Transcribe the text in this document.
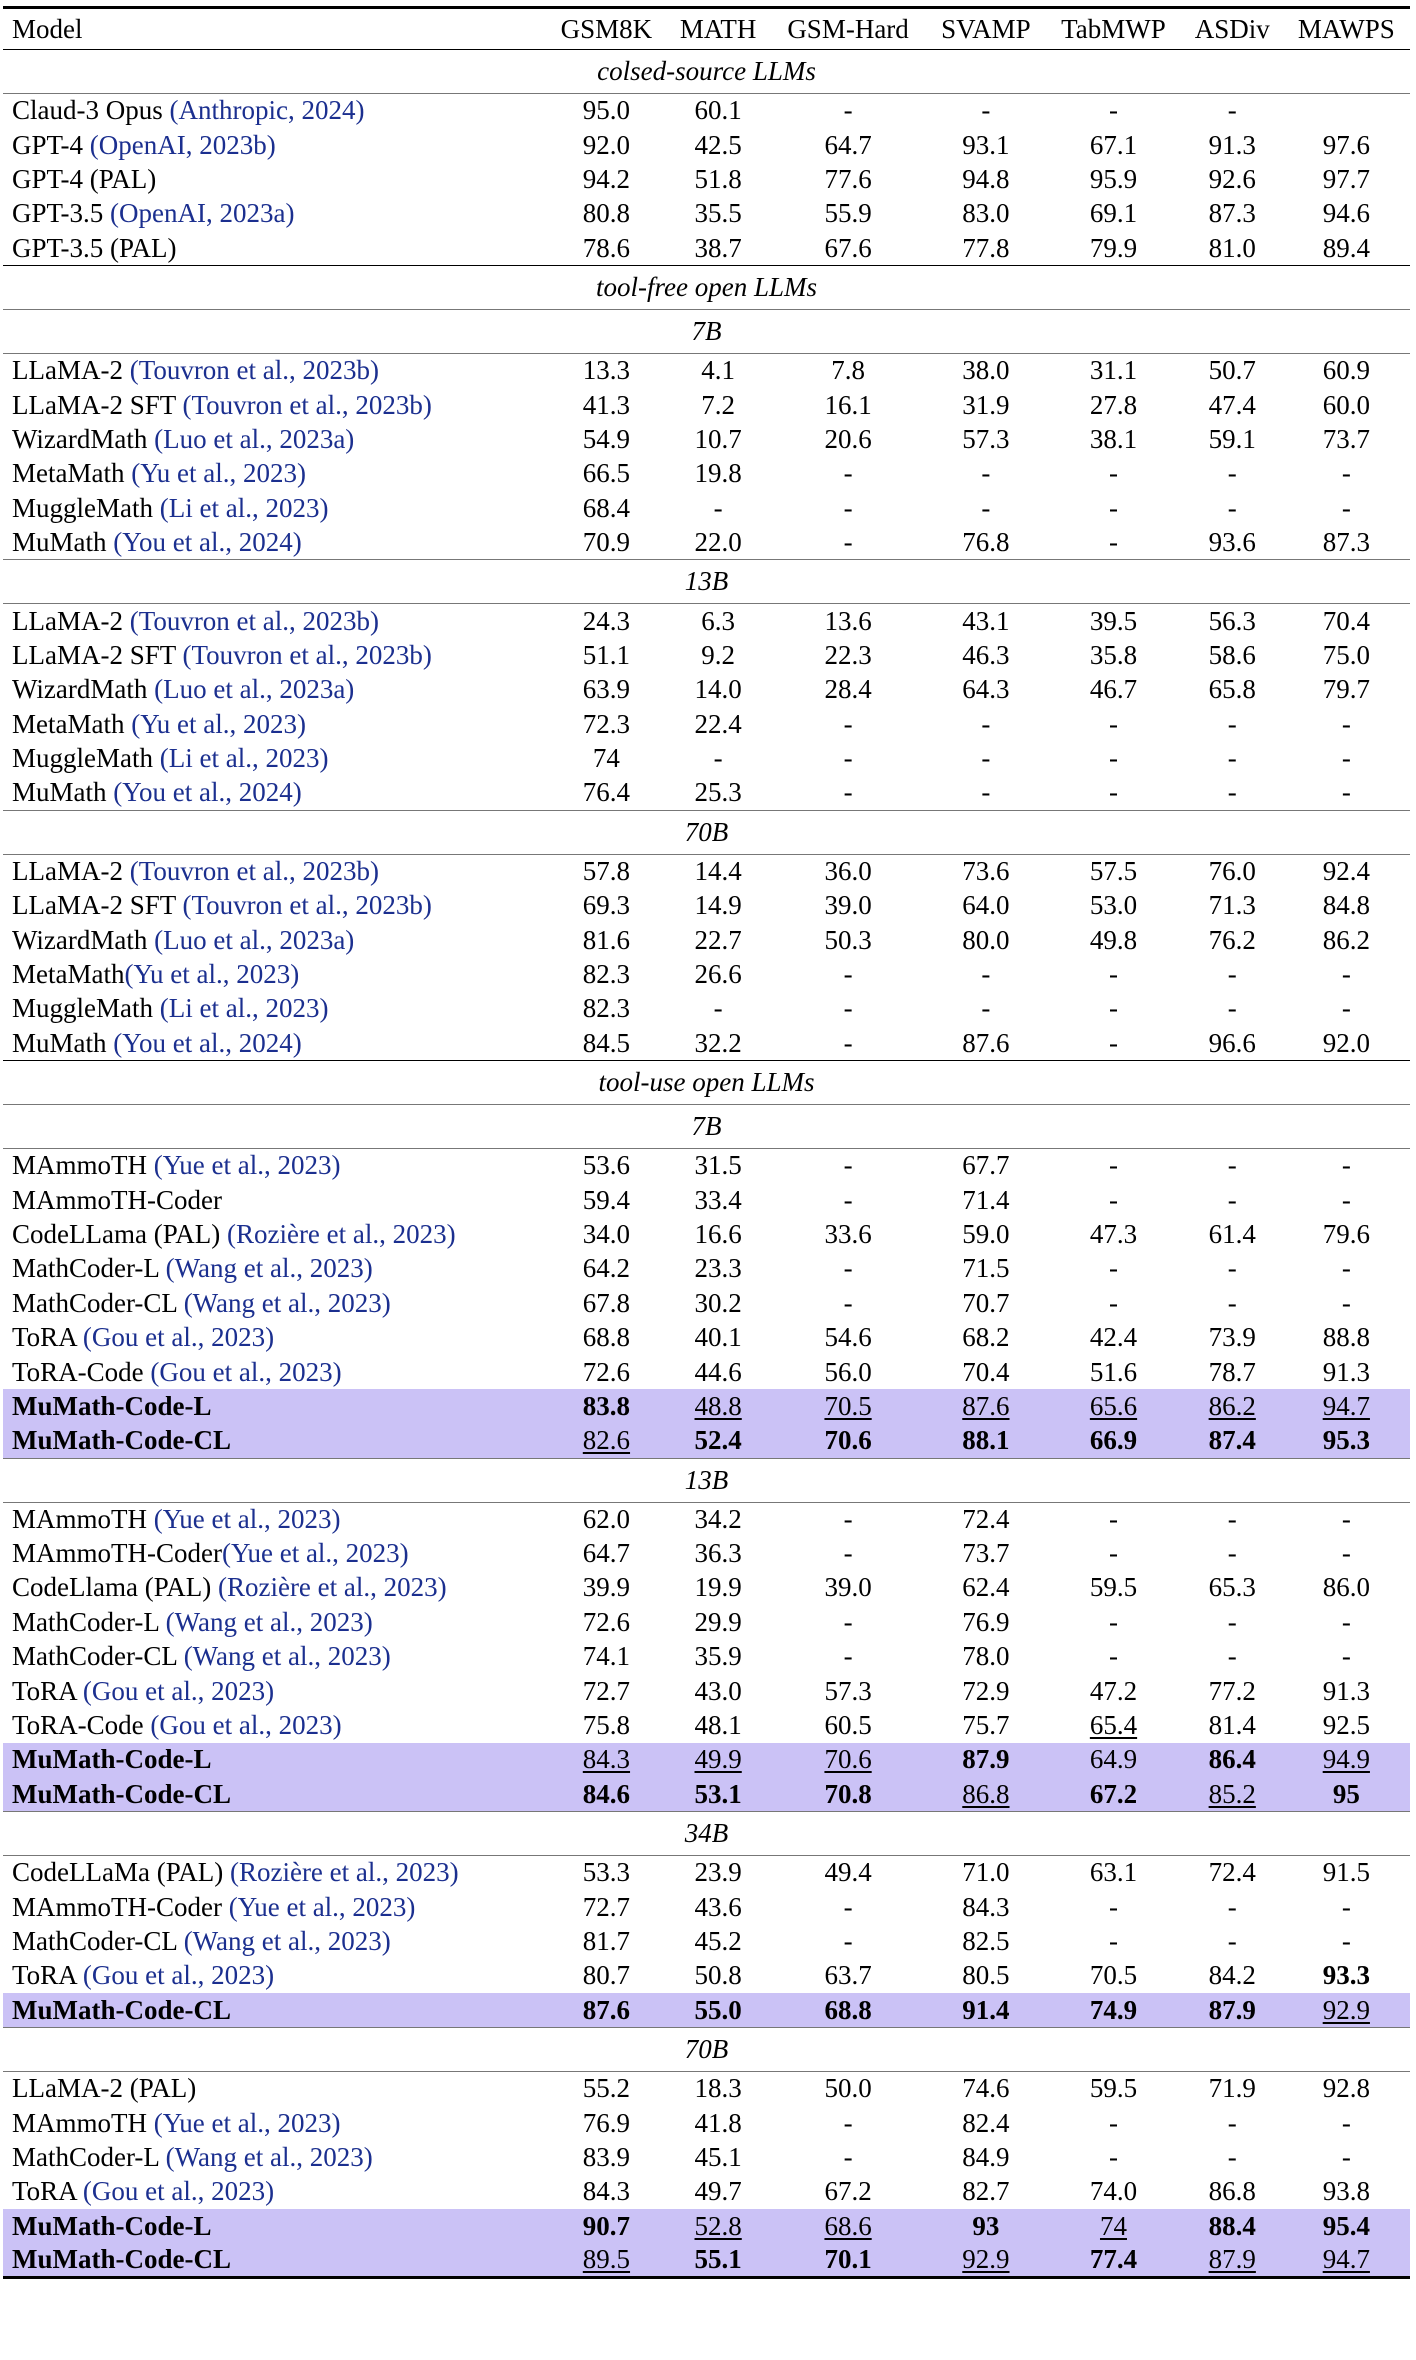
Model	GSM8K	MATH	GSM-Hard	SVAMP	TabMWP	ASDiv	MAWPS
colsed-source LLMs							
Claud-3 Opus (Anthropic, 2024)	95.0	60.1	-	-	-	-	
GPT-4 (OpenAI, 2023b)	92.0	42.5	64.7	93.1	67.1	91.3	97.6
GPT-4 (PAL)	94.2	51.8	77.6	94.8	95.9	92.6	97.7
GPT-3.5 (OpenAI, 2023a)	80.8	35.5	55.9	83.0	69.1	87.3	94.6
GPT-3.5 (PAL)	78.6	38.7	67.6	77.8	79.9	81.0	89.4
tool-free open LLMs							
7B							
LLaMA-2 (Touvron et al., 2023b)	13.3	4.1	7.8	38.0	31.1	50.7	60.9
LLaMA-2 SFT (Touvron et al., 2023b)	41.3	7.2	16.1	31.9	27.8	47.4	60.0
WizardMath (Luo et al., 2023a)	54.9	10.7	20.6	57.3	38.1	59.1	73.7
MetaMath (Yu et al., 2023)	66.5	19.8	-	-	-	-	-
MuggleMath (Li et al., 2023)	68.4	-	-	-	-	-	-
MuMath (You et al., 2024)	70.9	22.0	-	76.8	-	93.6	87.3
13B							
LLaMA-2 (Touvron et al., 2023b)	24.3	6.3	13.6	43.1	39.5	56.3	70.4
LLaMA-2 SFT (Touvron et al., 2023b)	51.1	9.2	22.3	46.3	35.8	58.6	75.0
WizardMath (Luo et al., 2023a)	63.9	14.0	28.4	64.3	46.7	65.8	79.7
MetaMath (Yu et al., 2023)	72.3	22.4	-	-	-	-	-
MuggleMath (Li et al., 2023)	74	-	-	-	-	-	-
MuMath (You et al., 2024)	76.4	25.3	-	-	-	-	-
70B							
LLaMA-2 (Touvron et al., 2023b)	57.8	14.4	36.0	73.6	57.5	76.0	92.4
LLaMA-2 SFT (Touvron et al., 2023b)	69.3	14.9	39.0	64.0	53.0	71.3	84.8
WizardMath (Luo et al., 2023a)	81.6	22.7	50.3	80.0	49.8	76.2	86.2
MetaMath(Yu et al., 2023)	82.3	26.6	-	-	-	-	-
MuggleMath (Li et al., 2023)	82.3	-	-	-	-	-	-
MuMath (You et al., 2024)	84.5	32.2	-	87.6	-	96.6	92.0
tool-use open LLMs							
7B							
MAmmoTH (Yue et al., 2023)	53.6	31.5	-	67.7	-	-	-
MAmmoTH-Coder	59.4	33.4	-	71.4	-	-	-
CodeLLama (PAL) (Rozière et al., 2023)	34.0	16.6	33.6	59.0	47.3	61.4	79.6
MathCoder-L (Wang et al., 2023)	64.2	23.3	-	71.5	-	-	-
MathCoder-CL (Wang et al., 2023)	67.8	30.2	-	70.7	-	-	-
ToRA (Gou et al., 2023)	68.8	40.1	54.6	68.2	42.4	73.9	88.8
ToRA-Code (Gou et al., 2023)	72.6	44.6	56.0	70.4	51.6	78.7	91.3
MuMath-Code-L	83.8	48.8	70.5	87.6	65.6	86.2	94.7
MuMath-Code-CL	82.6	52.4	70.6	88.1	66.9	87.4	95.3
13B							
MAmmoTH (Yue et al., 2023)	62.0	34.2	-	72.4	-	-	-
MAmmoTH-Coder(Yue et al., 2023)	64.7	36.3	-	73.7	-	-	-
CodeLlama (PAL) (Rozière et al., 2023)	39.9	19.9	39.0	62.4	59.5	65.3	86.0
MathCoder-L (Wang et al., 2023)	72.6	29.9	-	76.9	-	-	-
MathCoder-CL (Wang et al., 2023)	74.1	35.9	-	78.0	-	-	-
ToRA (Gou et al., 2023)	72.7	43.0	57.3	72.9	47.2	77.2	91.3
ToRA-Code (Gou et al., 2023)	75.8	48.1	60.5	75.7	65.4	81.4	92.5
MuMath-Code-L	84.3	49.9	70.6	87.9	64.9	86.4	94.9
MuMath-Code-CL	84.6	53.1	70.8	86.8	67.2	85.2	95
34B							
CodeLLaMa (PAL) (Rozière et al., 2023)	53.3	23.9	49.4	71.0	63.1	72.4	91.5
MAmmoTH-Coder (Yue et al., 2023)	72.7	43.6	-	84.3	-	-	-
MathCoder-CL (Wang et al., 2023)	81.7	45.2	-	82.5	-	-	-
ToRA (Gou et al., 2023)	80.7	50.8	63.7	80.5	70.5	84.2	93.3
MuMath-Code-CL	87.6	55.0	68.8	91.4	74.9	87.9	92.9
70B							
LLaMA-2 (PAL)	55.2	18.3	50.0	74.6	59.5	71.9	92.8
MAmmoTH (Yue et al., 2023)	76.9	41.8	-	82.4	-	-	-
MathCoder-L (Wang et al., 2023)	83.9	45.1	-	84.9	-	-	-
ToRA (Gou et al., 2023)	84.3	49.7	67.2	82.7	74.0	86.8	93.8
MuMath-Code-L	90.7	52.8	68.6	93	74	88.4	95.4
MuMath-Code-CL	89.5	55.1	70.1	92.9	77.4	87.9	94.7
